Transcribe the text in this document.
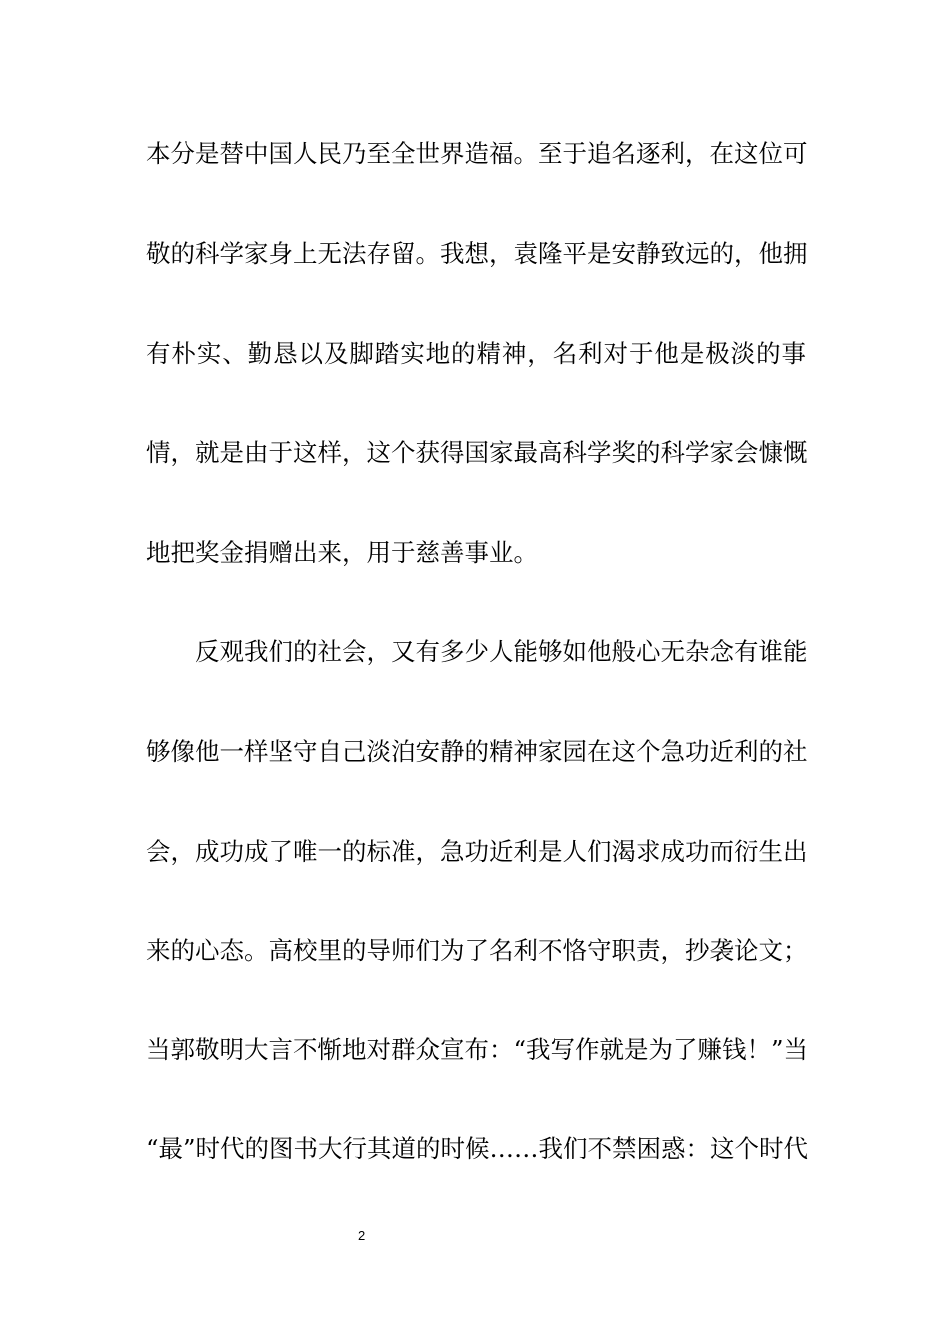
本分是替中国人民乃至全世界造福。至于追名逐利，在这位可
敬的科学家身上无法存留。我想，袁隆平是安静致远的，他拥
有朴实、勤恳以及脚踏实地的精神，名利对于他是极淡的事
情，就是由于这样，这个获得国家最高科学奖的科学家会慷慨
地把奖金捐赠出来，用于慈善事业。
反观我们的社会，又有多少人能够如他般心无杂念有谁能
够像他一样坚守自己淡泊安静的精神家园在这个急功近利的社
会，成功成了唯一的标准，急功近利是人们渴求成功而衍生出
来的心态。高校里的导师们为了名利不恪守职责，抄袭论文；
当郭敬明大言不惭地对群众宣布：“我写作就是为了赚钱！”当
“最”时代的图书大行其道的时候……我们不禁困惑：这个时代
2
